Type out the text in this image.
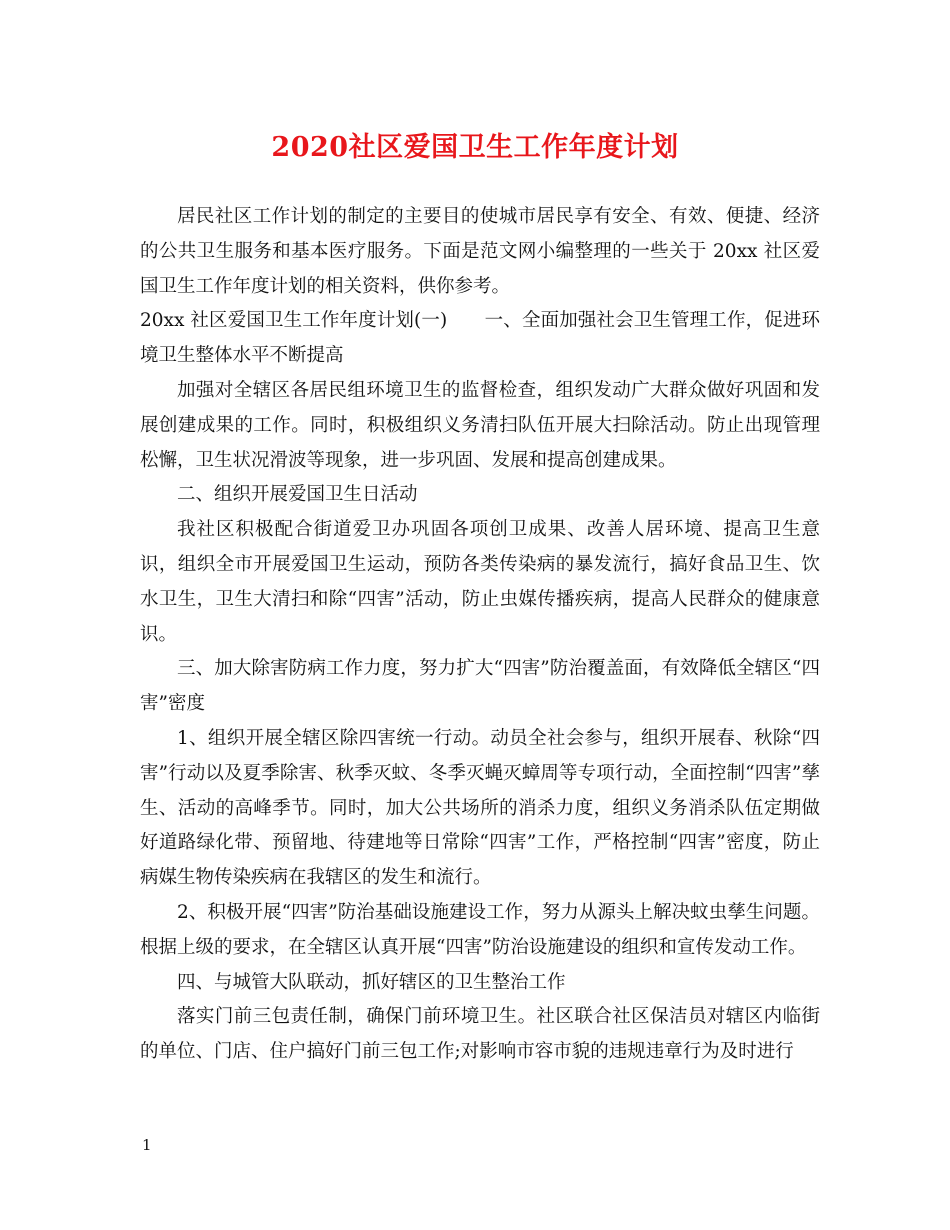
2020社区爱国卫生工作年度计划

居民社区工作计划的制定的主要目的使城市居民享有安全、有效、便捷、经济的公共卫生服务和基本医疗服务。下面是范文网小编整理的一些关于 20xx 社区爱国卫生工作年度计划的相关资料，供你参考。

20xx 社区爱国卫生工作年度计划(一)　　一、全面加强社会卫生管理工作，促进环境卫生整体水平不断提高

加强对全辖区各居民组环境卫生的监督检查，组织发动广大群众做好巩固和发展创建成果的工作。同时，积极组织义务清扫队伍开展大扫除活动。防止出现管理松懈，卫生状况滑波等现象，进一步巩固、发展和提高创建成果。

二、组织开展爱国卫生日活动

我社区积极配合街道爱卫办巩固各项创卫成果、改善人居环境、提高卫生意识，组织全市开展爱国卫生运动，预防各类传染病的暴发流行，搞好食品卫生、饮水卫生，卫生大清扫和除“四害”活动，防止虫媒传播疾病，提高人民群众的健康意识。

三、加大除害防病工作力度，努力扩大“四害”防治覆盖面，有效降低全辖区“四害”密度

1、组织开展全辖区除四害统一行动。动员全社会参与，组织开展春、秋除“四害”行动以及夏季除害、秋季灭蚊、冬季灭蝇灭蟑周等专项行动，全面控制“四害”孳生、活动的高峰季节。同时，加大公共场所的消杀力度，组织义务消杀队伍定期做好道路绿化带、预留地、待建地等日常除“四害”工作，严格控制“四害”密度，防止病媒生物传染疾病在我辖区的发生和流行。

2、积极开展“四害”防治基础设施建设工作，努力从源头上解决蚊虫孳生问题。根据上级的要求，在全辖区认真开展“四害”防治设施建设的组织和宣传发动工作。

四、与城管大队联动，抓好辖区的卫生整治工作

落实门前三包责任制，确保门前环境卫生。社区联合社区保洁员对辖区内临街的单位、门店、住户搞好门前三包工作;对影响市容市貌的违规违章行为及时进行

1
